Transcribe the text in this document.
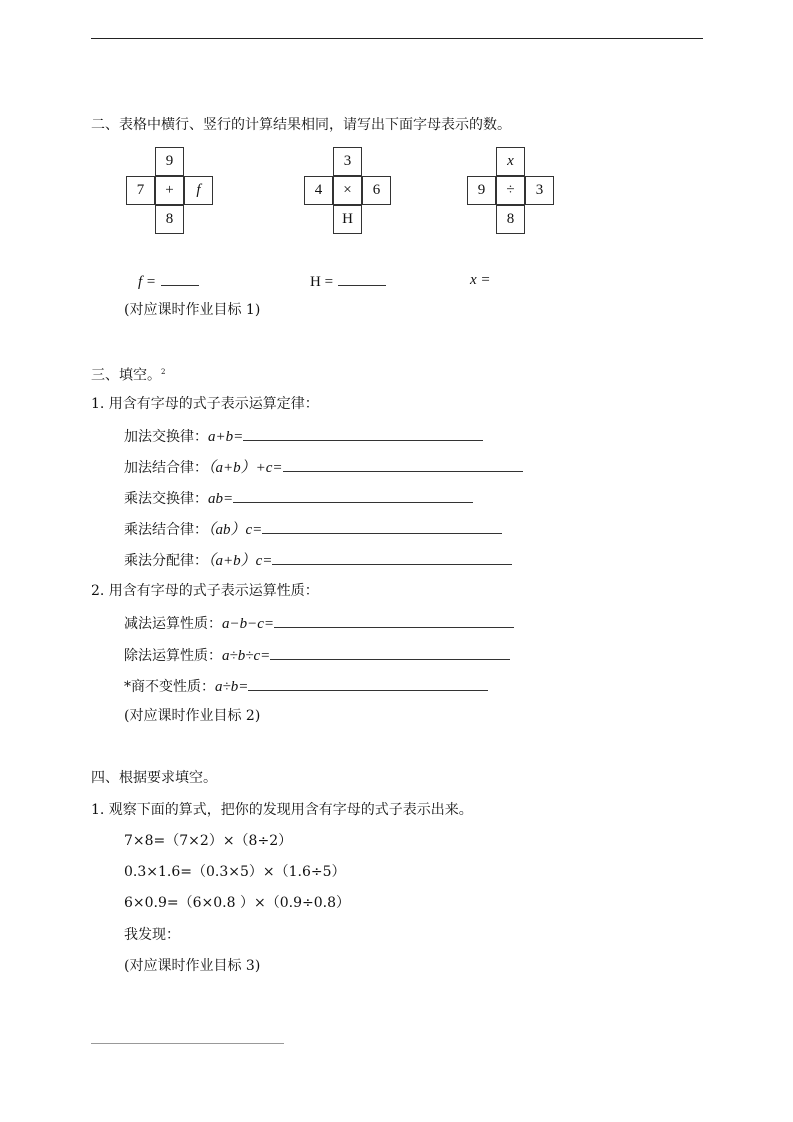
二、表格中横行、竖行的计算结果相同，请写出下面字母表示的数。
9
7	+	f
8
3
4	×	6
H
x
9	÷	3
8
f =	H =	x =
(对应课时作业目标 1)
三、填空。$^2$
1. 用含有字母的式子表示运算定律：
加法交换律：a+b=
加法结合律：（a+b）+c=
乘法交换律：ab=
乘法结合律：（ab）c=
乘法分配律：（a+b）c=
2. 用含有字母的式子表示运算性质：
减法运算性质：a−b−c=
除法运算性质：a÷b÷c=
*商不变性质：a÷b=
(对应课时作业目标 2)
四、根据要求填空。
1. 观察下面的算式，把你的发现用含有字母的式子表示出来。
7×8=（7×2）×（8÷2）
0.3×1.6=（0.3×5）×（1.6÷5）
6×0.9=（6×0.8 ）×（0.9÷0.8）
我发现：
(对应课时作业目标 3)
